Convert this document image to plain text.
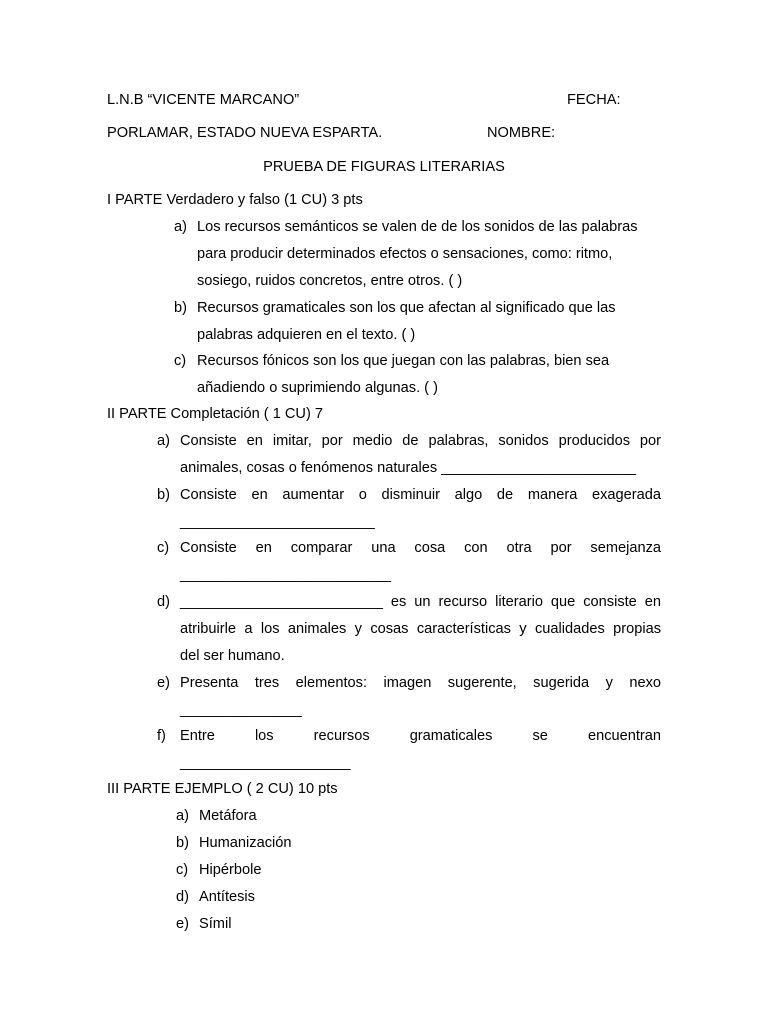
L.N.B “VICENTE MARCANO”	FECHA:
PORLAMAR, ESTADO NUEVA ESPARTA.	NOMBRE:
PRUEBA DE FIGURAS LITERARIAS
I PARTE Verdadero y falso (1 CU) 3 pts
a) Los recursos semánticos se valen de de los sonidos de las palabras
para producir determinados efectos o sensaciones, como: ritmo,
sosiego, ruidos concretos, entre otros. ( )
b) Recursos gramaticales son los que afectan al significado que las
palabras adquieren en el texto. ( )
c) Recursos fónicos son los que juegan con las palabras, bien sea
añadiendo o suprimiendo algunas. ( )
II PARTE Completación ( 1 CU) 7
a) Consiste en imitar, por medio de palabras, sonidos producidos por
animales, cosas o fenómenos naturales ________________________
b) Consiste en aumentar o disminuir algo de manera exagerada
________________________
c) Consiste en comparar una cosa con otra por semejanza
__________________________
d) _________________________ es un recurso literario que consiste en
atribuirle a los animales y cosas características y cualidades propias
del ser humano.
e) Presenta tres elementos: imagen sugerente, sugerida y nexo
_______________
f) Entre los recursos gramaticales se encuentran
_____________________
III PARTE EJEMPLO ( 2 CU) 10 pts
a) Metáfora
b) Humanización
c) Hipérbole
d) Antítesis
e) Símil
